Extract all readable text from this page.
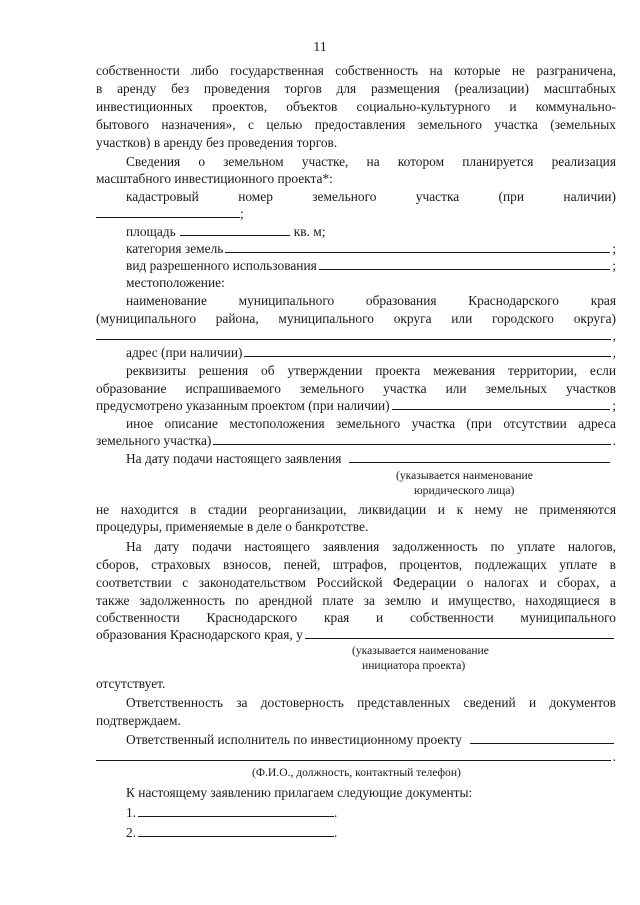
11
собственности либо государственная собственность на которые не разграничена,
в аренду без проведения торгов для размещения (реализации) масштабных
инвестиционных проектов, объектов социально-культурного и коммунально-
бытового назначения», с целью предоставления земельного участка (земельных
участков) в аренду без проведения торгов.
Сведения о земельном участке, на котором планируется реализация
масштабного инвестиционного проекта*:
кадастровый номер земельного участка (при наличии)
;
площадь	кв. м;
категория земель	;
вид разрешенного использования	;
местоположение:
наименование муниципального образования Краснодарского края
(муниципального района, муниципального округа или городского округа)
,
адрес (при наличии)	,
реквизиты решения об утверждении проекта межевания территории, если
образование испрашиваемого земельного участка или земельных участков
предусмотрено указанным проектом (при наличии)	;
иное описание местоположения земельного участка (при отсутствии адреса
земельного участка)	.
На дату подачи настоящего заявления
(указывается наименование
юридического лица)
не находится в стадии реорганизации, ликвидации и к нему не применяются
процедуры, применяемые в деле о банкротстве.
На дату подачи настоящего заявления задолженность по уплате налогов,
сборов, страховых взносов, пеней, штрафов, процентов, подлежащих уплате в
соответствии с законодательством Российской Федерации о налогах и сборах, а
также задолженность по арендной плате за землю и имущество, находящиеся в
собственности Краснодарского края и собственности муниципального
образования Краснодарского края, у
(указывается наименование
инициатора проекта)
отсутствует.
Ответственность за достоверность представленных сведений и документов
подтверждаем.
Ответственный исполнитель по инвестиционному проекту
.
(Ф.И.О., должность, контактный телефон)
К настоящему заявлению прилагаем следующие документы:
1.	.
2.	.
